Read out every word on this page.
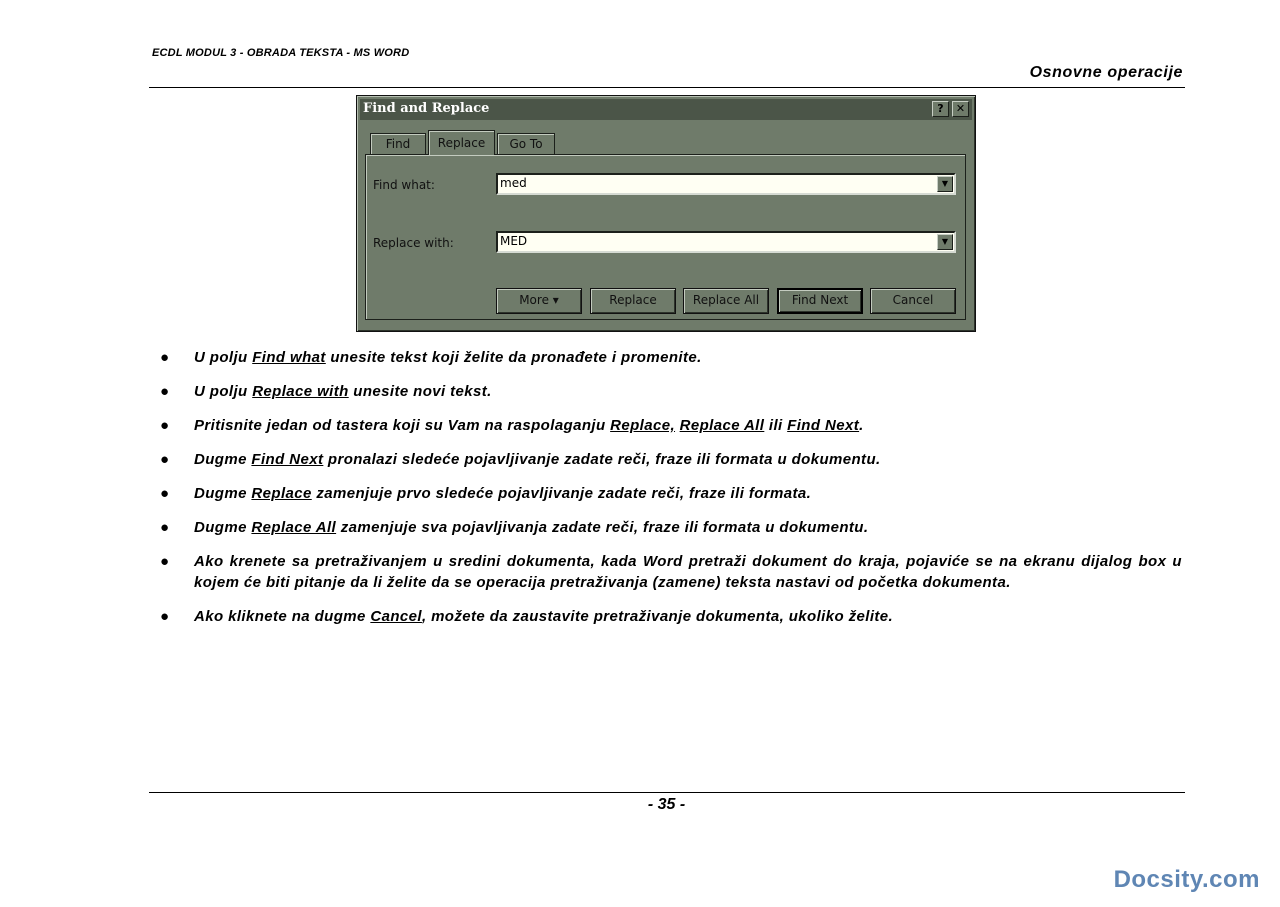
ECDL MODUL 3 - OBRADA TEKSTA - MS WORD
Osnovne operacije
Find and Replace	?	✕
Find	Replace	Go To
Find what:	med	▼
Replace with:	MED	▼
More ▾	Replace	Replace All	Find Next	Cancel
● U polju Find what unesite tekst koji želite da pronađete i promenite.
● U polju Replace with unesite novi tekst.
● Pritisnite jedan od tastera koji su Vam na raspolaganju Replace, Replace All ili Find Next.
● Dugme Find Next pronalazi sledeće pojavljivanje zadate reči, fraze ili formata u dokumentu.
● Dugme Replace zamenjuje prvo sledeće pojavljivanje zadate reči, fraze ili formata.
● Dugme Replace All zamenjuje sva pojavljivanja zadate reči, fraze ili formata u dokumentu.
● Ako krenete sa pretraživanjem u sredini dokumenta, kada Word pretraži dokument do kraja, pojaviće se na ekranu dijalog box u kojem će biti pitanje da li želite da se operacija pretraživanja (zamene) teksta nastavi od početka dokumenta.
● Ako kliknete na dugme Cancel, možete da zaustavite pretraživanje dokumenta, ukoliko želite.
- 35 -
Docsity.com
